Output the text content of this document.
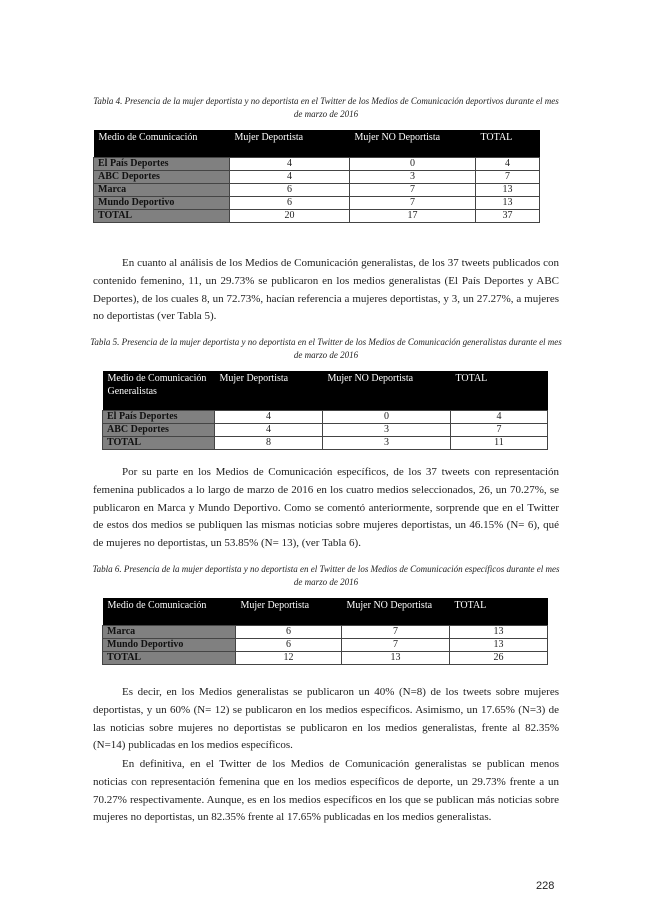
Tabla 4. Presencia de la mujer deportista y no deportista en el Twitter de los Medios de Comunicación deportivos durante el mes de marzo de 2016
Medio de Comunicación	Mujer Deportista	Mujer NO Deportista	TOTAL
El País Deportes	4	0	4
ABC Deportes	4	3	7
Marca	6	7	13
Mundo Deportivo	6	7	13
TOTAL	20	17	37

En cuanto al análisis de los Medios de Comunicación generalistas, de los 37 tweets publicados con contenido femenino, 11, un 29.73% se publicaron en los medios generalistas (El País Deportes y ABC Deportes), de los cuales 8, un 72.73%, hacían referencia a mujeres deportistas, y 3, un 27.27%, a mujeres no deportistas (ver Tabla 5).

Tabla 5. Presencia de la mujer deportista y no deportista en el Twitter de los Medios de Comunicación generalistas durante el mes de marzo de 2016
Medio de Comunicación Generalistas	Mujer Deportista	Mujer NO Deportista	TOTAL
El País Deportes	4	0	4
ABC Deportes	4	3	7
TOTAL	8	3	11

Por su parte en los Medios de Comunicación específicos, de los 37 tweets con representación femenina publicados a lo largo de marzo de 2016 en los cuatro medios seleccionados, 26, un 70.27%, se publicaron en Marca y Mundo Deportivo. Como se comentó anteriormente, sorprende que en el Twitter de estos dos medios se publiquen las mismas noticias sobre mujeres deportistas, un 46.15% (N= 6), qué de mujeres no deportistas, un 53.85% (N= 13), (ver Tabla 6).

Tabla 6. Presencia de la mujer deportista y no deportista en el Twitter de los Medios de Comunicación específicos durante el mes de marzo de 2016
Medio de Comunicación	Mujer Deportista	Mujer NO Deportista	TOTAL
Marca	6	7	13
Mundo Deportivo	6	7	13
TOTAL	12	13	26

Es decir, en los Medios generalistas se publicaron un 40% (N=8) de los tweets sobre mujeres deportistas, y un 60% (N= 12) se publicaron en los medios específicos. Asimismo, un 17.65% (N=3) de las noticias sobre mujeres no deportistas se publicaron en los medios generalistas, frente al 82.35% (N=14) publicadas en los medios específicos.

En definitiva, en el Twitter de los Medios de Comunicación generalistas se publican menos noticias con representación femenina que en los medios específicos de deporte, un 29.73% frente a un 70.27% respectivamente. Aunque, es en los medios específicos en los que se publican más noticias sobre mujeres no deportistas, un 82.35% frente al 17.65% publicadas en los medios generalistas.

228
